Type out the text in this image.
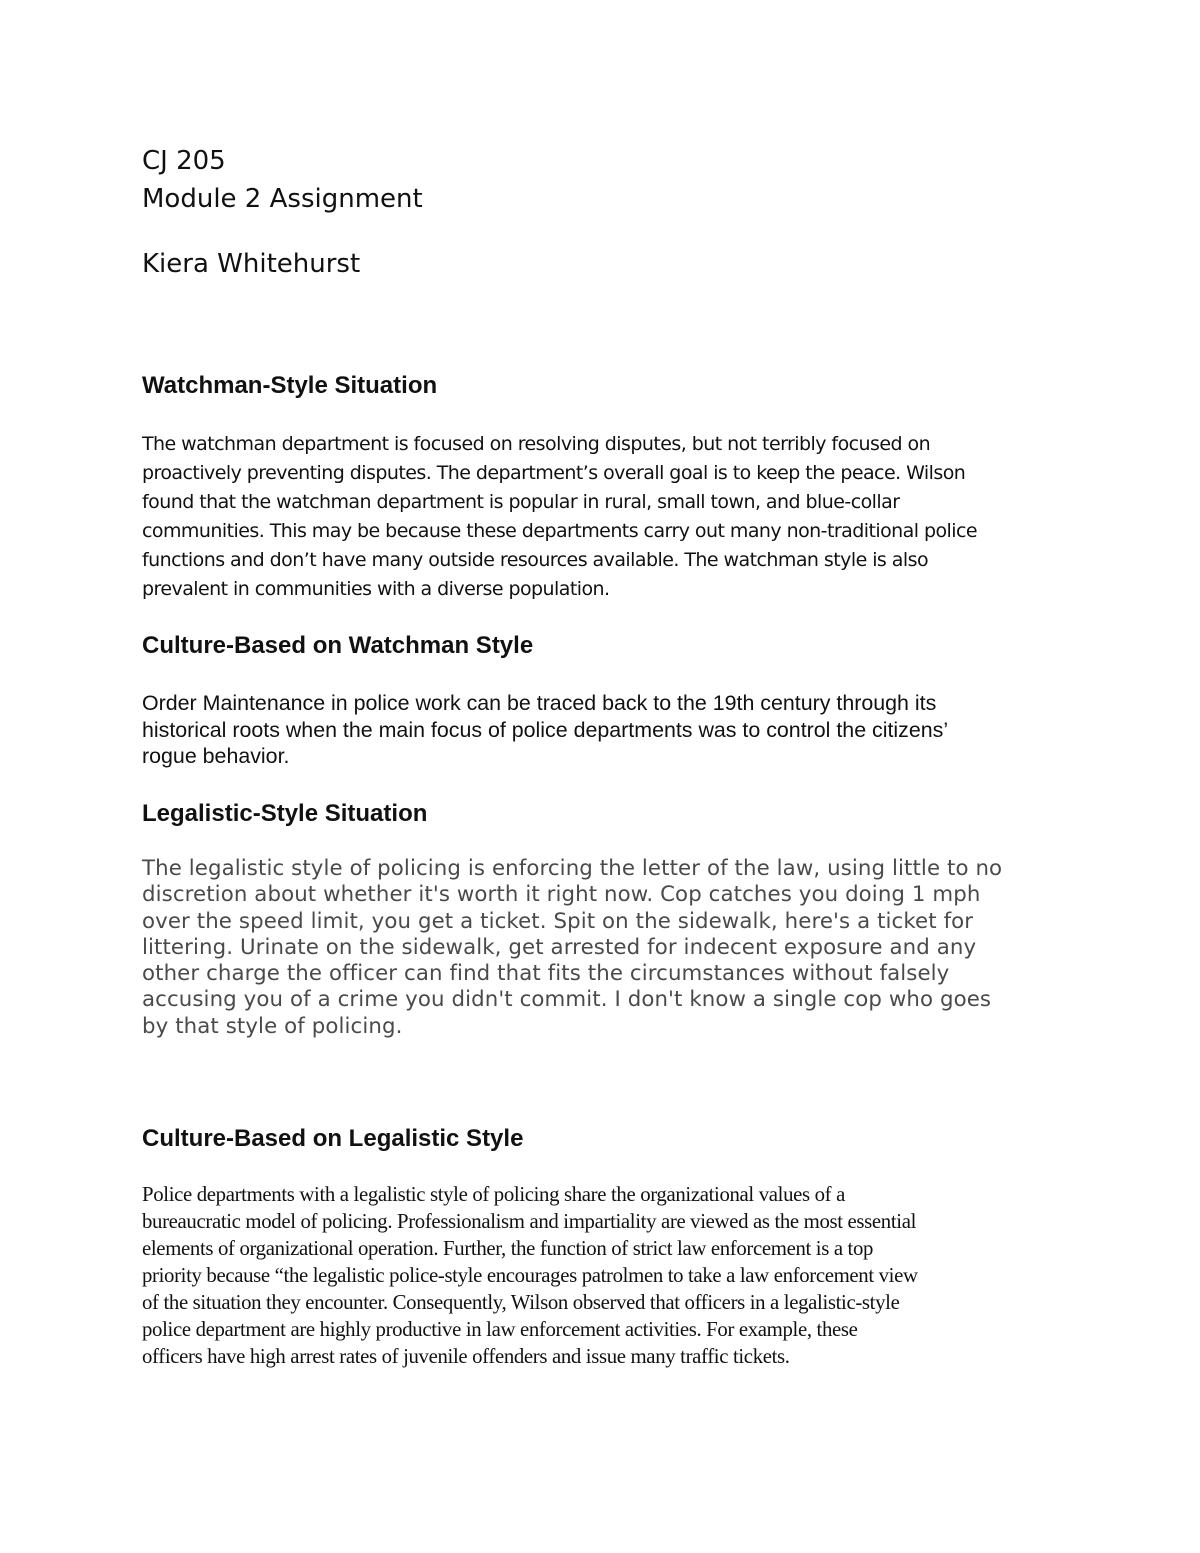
CJ 205
Module 2 Assignment
Kiera Whitehurst
Watchman-Style Situation

The watchman department is focused on resolving disputes, but not terribly focused on

proactively preventing disputes. The department’s overall goal is to keep the peace. Wilson

found that the watchman department is popular in rural, small town, and blue-collar

communities. This may be because these departments carry out many non-traditional police

functions and don’t have many outside resources available. The watchman style is also

prevalent in communities with a diverse population.

Culture-Based on Watchman Style

Order Maintenance in police work can be traced back to the 19th century through its

historical roots when the main focus of police departments was to control the citizens’

rogue behavior.

Legalistic-Style Situation

The legalistic style of policing is enforcing the letter of the law, using little to no

discretion about whether it's worth it right now. Cop catches you doing 1 mph

over the speed limit, you get a ticket. Spit on the sidewalk, here's a ticket for

littering. Urinate on the sidewalk, get arrested for indecent exposure and any

other charge the officer can find that fits the circumstances without falsely

accusing you of a crime you didn't commit. I don't know a single cop who goes

by that style of policing.

Culture-Based on Legalistic Style

Police departments with a legalistic style of policing share the organizational values of a

bureaucratic model of policing. Professionalism and impartiality are viewed as the most essential

elements of organizational operation. Further, the function of strict law enforcement is a top

priority because “the legalistic police-style encourages patrolmen to take a law enforcement view

of the situation they encounter. Consequently, Wilson observed that officers in a legalistic-style

police department are highly productive in law enforcement activities. For example, these

officers have high arrest rates of juvenile offenders and issue many traffic tickets.
